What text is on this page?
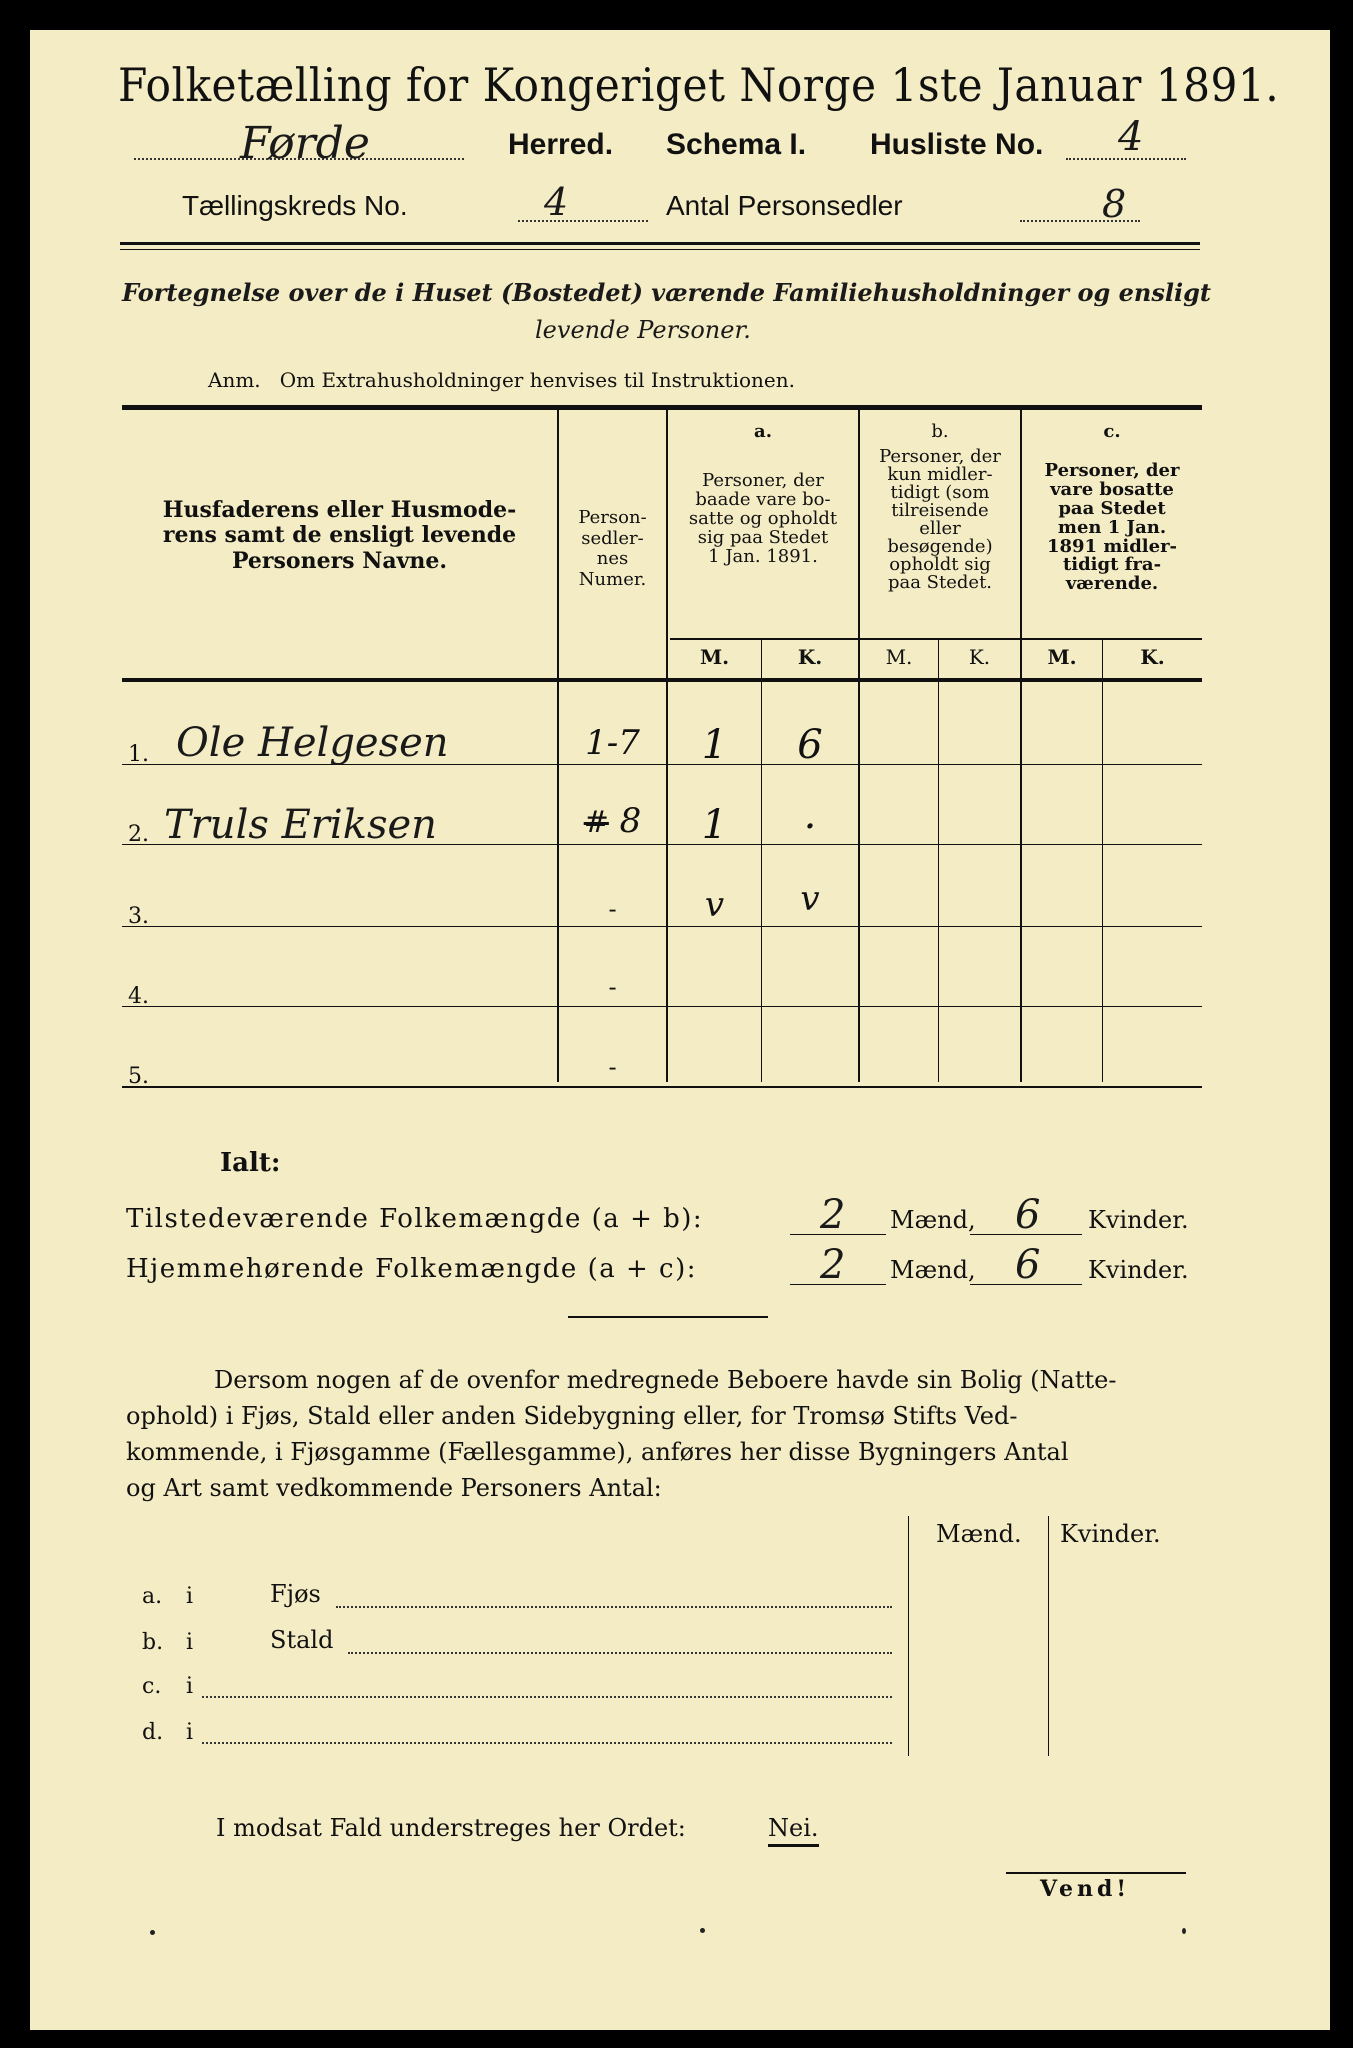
Folketælling for Kongeriget Norge 1ste Januar 1891.
Førde	Herred. Schema I. Husliste No. 4
Tællingskreds No.	4	Antal Personsedler	8
Fortegnelse over de i Huset (Bostedet) værende Familiehusholdninger og ensligt
levende Personer.
Anm.   Om Extrahusholdninger henvises til Instruktionen.
Husfaderens eller Husmode-
rens samt de ensligt levende
Personers Navne.
Person-
sedler-
nes
Numer.
a.
Personer, der
baade vare bo-
satte og opholdt
sig paa Stedet
1 Jan. 1891.
b.
Personer, der
kun midler-
tidigt (som
tilreisende
eller
besøgende)
opholdt sig
paa Stedet.
c.
Personer, der
vare bosatte
paa Stedet
men 1 Jan.
1891 midler-
tidigt fra-
værende.
M.	K.	M.	K.	M.	K.
1. Ole Helgesen	1-7	1	6
2. Truls Eriksen	# 8	1	.
3.	-	v	v
4.	-
5.	-
Ialt:
Tilstedeværende Folkemængde (a + b):	2 Mænd, 6 Kvinder.
Hjemmehørende Folkemængde (a + c):	2 Mænd, 6 Kvinder.
Dersom nogen af de ovenfor medregnede Beboere havde sin Bolig (Natte-
ophold) i Fjøs, Stald eller anden Sidebygning eller, for Tromsø Stifts Ved-
kommende, i Fjøsgamme (Fællesgamme), anføres her disse Bygningers Antal
og Art samt vedkommende Personers Antal:
Mænd. Kvinder.
a. i	Fjøs
b. i	Stald
c. i
d. i
I modsat Fald understreges her Ordet:	Nei.
Vend!
